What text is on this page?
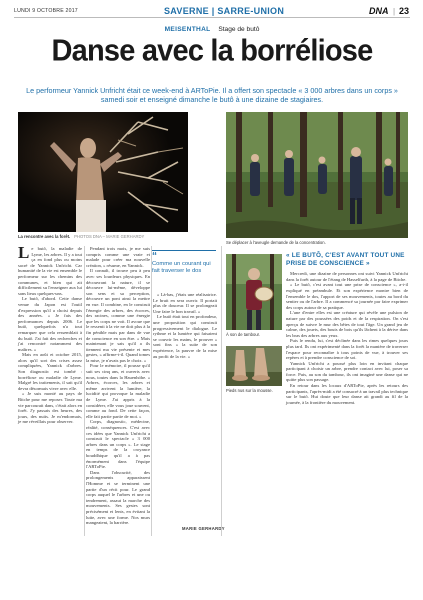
LUNDI 9 OCTOBRE 2017	SAVERNE | SARRE-UNION	DNA | 23
MEISENTHAL Stage de butô
Danse avec la borréliose
Le performeur Yannick Unfricht était ce week-end à ARToPie. Il a offert son spectacle « 3 000 arbres dans un corps » samedi soir et enseigné dimanche le butô à une dizaine de stagiaires.
La rencontre avec la forêt. PHOTOS DNA – MARIE GERHARDY
Se déplacer à l'aveugle demande de la concentration.
À son de tambour.
Pieds nus sur la mousse.
L e butô, la maladie de Lyme, les arbres. Il y a tout ça en fond plus ou moins sacré de Yannick Unfricht. Car humanité de la vie est ensemble le performeur sur les chemins des communes, et bien qui ait difficilement su l'enseigner aux lui sans lieux quelques-uns.

Le butô, d'abord. Cette danse venue du Japon est l'outil d'expression qu'il a choisi depuis des années. « Je fais des performances depuis 2006. Le butô, quelquefois n'a tout remarquer que cela ressemblait à du butô. J'ai fait des recherches et j'ai rencontré notamment des maîtres. »

Mais en août et octobre 2015, alors qu'il sort des crises assez compliquées, Yannick d'arbres. Son diagnostic est tombé : borréliose ou maladie de Lyme. Malgré les traitements, il sait qu'il devra désormais vivre avec elle.

« Je suis monté au pays de Bitche pour me reposer. Toute ma vie parcourait dans, c'était alors en forêt. J'y passais des heures, des jours, des nuits. Je m'endormais, je me réveillais pour observer.

Pendant trois mois, je me suis compris comme une vraie et malade pour créer ma nouvelle création, » résume, en Yannick.

Il connaît, il trouve peu à peu avec ses lourdeurs physiques. En découvrant la nature, il se découvre lui-même, développe son sens et sa perception, découvre un pont ainsi la mettre en vue. Il combine, en le construit l'énergie des arbres, des écorces, des racines, comme une énergie que les corps ne voit. Il avoue que le ressenti à la vie ne doit plus à la fin pénible mais par dans de vue de conscience en son être. « Mais maintenant je sais qu'il a ils tiennent ma vie présente et mes gestes, » affirme-t-il. Quand tomes la mise, je n'avais pas le choix. »

Pour le mémoire, il pousse qu'il suit ses cinq ans, et ouverts avec nous, toutes dans la Hauenhöhe. « Arbres, écorces, les arbres et même arrivent la lumière, la lucidité qui provoque la maladie de Lyme. J'ai appris à la considérer, elle vous joue souvent, comme au fond. De cette façon, elle fait partie partie de moi. »

Corps, diagnostic, médecine, réalité, conséquences. C'est avec ces idées que Yannick Unfricht a construit le spectacle « 3 000 arbres dans un corps ». Le stage en temps de la croyance bouddhique qu'il a à pas énormément dans l'équipe l'ARToPie.

Dans l'obscurité, des prolongements apparaissent l'Homme et se terminent une partie d'un récit pour. Le grand corps auquel le l'arbres et une ou tendrement, assaut la marche des mouvements. Ses gestes sont précisément et lents, en évitant la lutte, avec une forme. Nos murs mangeaient, la barrière.

“
Comme un courant qui fait traverser le dos

« Là-bas, j'étais une réalisatrice. Le bruit en sera ouvrir. Il portait plus de douceur. Il se prolongeait Une faire le bon travail. »

Le butô était tout en profondeur, une proposition qui construit progressivement le dialogue. Le rythme et la lumière qui faisaient se couvrir les mains, le prouver « sont fins » la suite de son expérience, la pauvre de la mise au profit de la vie. »

MARIE GERHARDY
« LE BUTÔ, C'EST AVANT TOUT UNE PRISE DE CONSCIENCE »

Mercredi, une dizaine de personnes ont suivi Yannick Unfricht dans la forêt autour de l'étang de Hasselfurth, à la page de Bitche.

« Le butô, c'est avant tout une prise de conscience », a-t-il expliqué en préambule. Et son expérience montre bien de l'ensemble le dos, l'apport de ses mouvements, toutes au bord du sentier ou de l'arbre. Il a commencé sa journée par faire exprimer des corps autour de sa pratique.

L'une d'entre elles est une créature qui révèle une pulsion de nature par des poussées des poids et de la respiration. On s'est aperçu de suivre le mur des bêtes de tout l'âge. Un grand jeu de calme, des jouets, des bouts de bois qu'ils lâchent à la dérive dans les bras des arbres aux yeux.

Puis le rendu, lui, s'est déclinée dans les rimes quelques jours plus tard. Ils ont expérimenté dans la forêt la manière de traverser l'espace pour reconnaître à tous points de vue, à trouver ses repères et à prendre conscience de soi.

Yannick Unfricht a poussé plus loin en invitant chaque participant à choisir un arbre, prendre contact avec lui, poser sa force. Puis, au son du tambour, ils ont imaginé une danse qui ne quitte plus son passage.

En retour dans les locaux d'ARToPie, après les retours des participants, l'après-midi a été consacré à un travail plus technique sur le butô. Hui doute que leur danse ait grandi au fil de la journée, à la frontière du mouvement.
